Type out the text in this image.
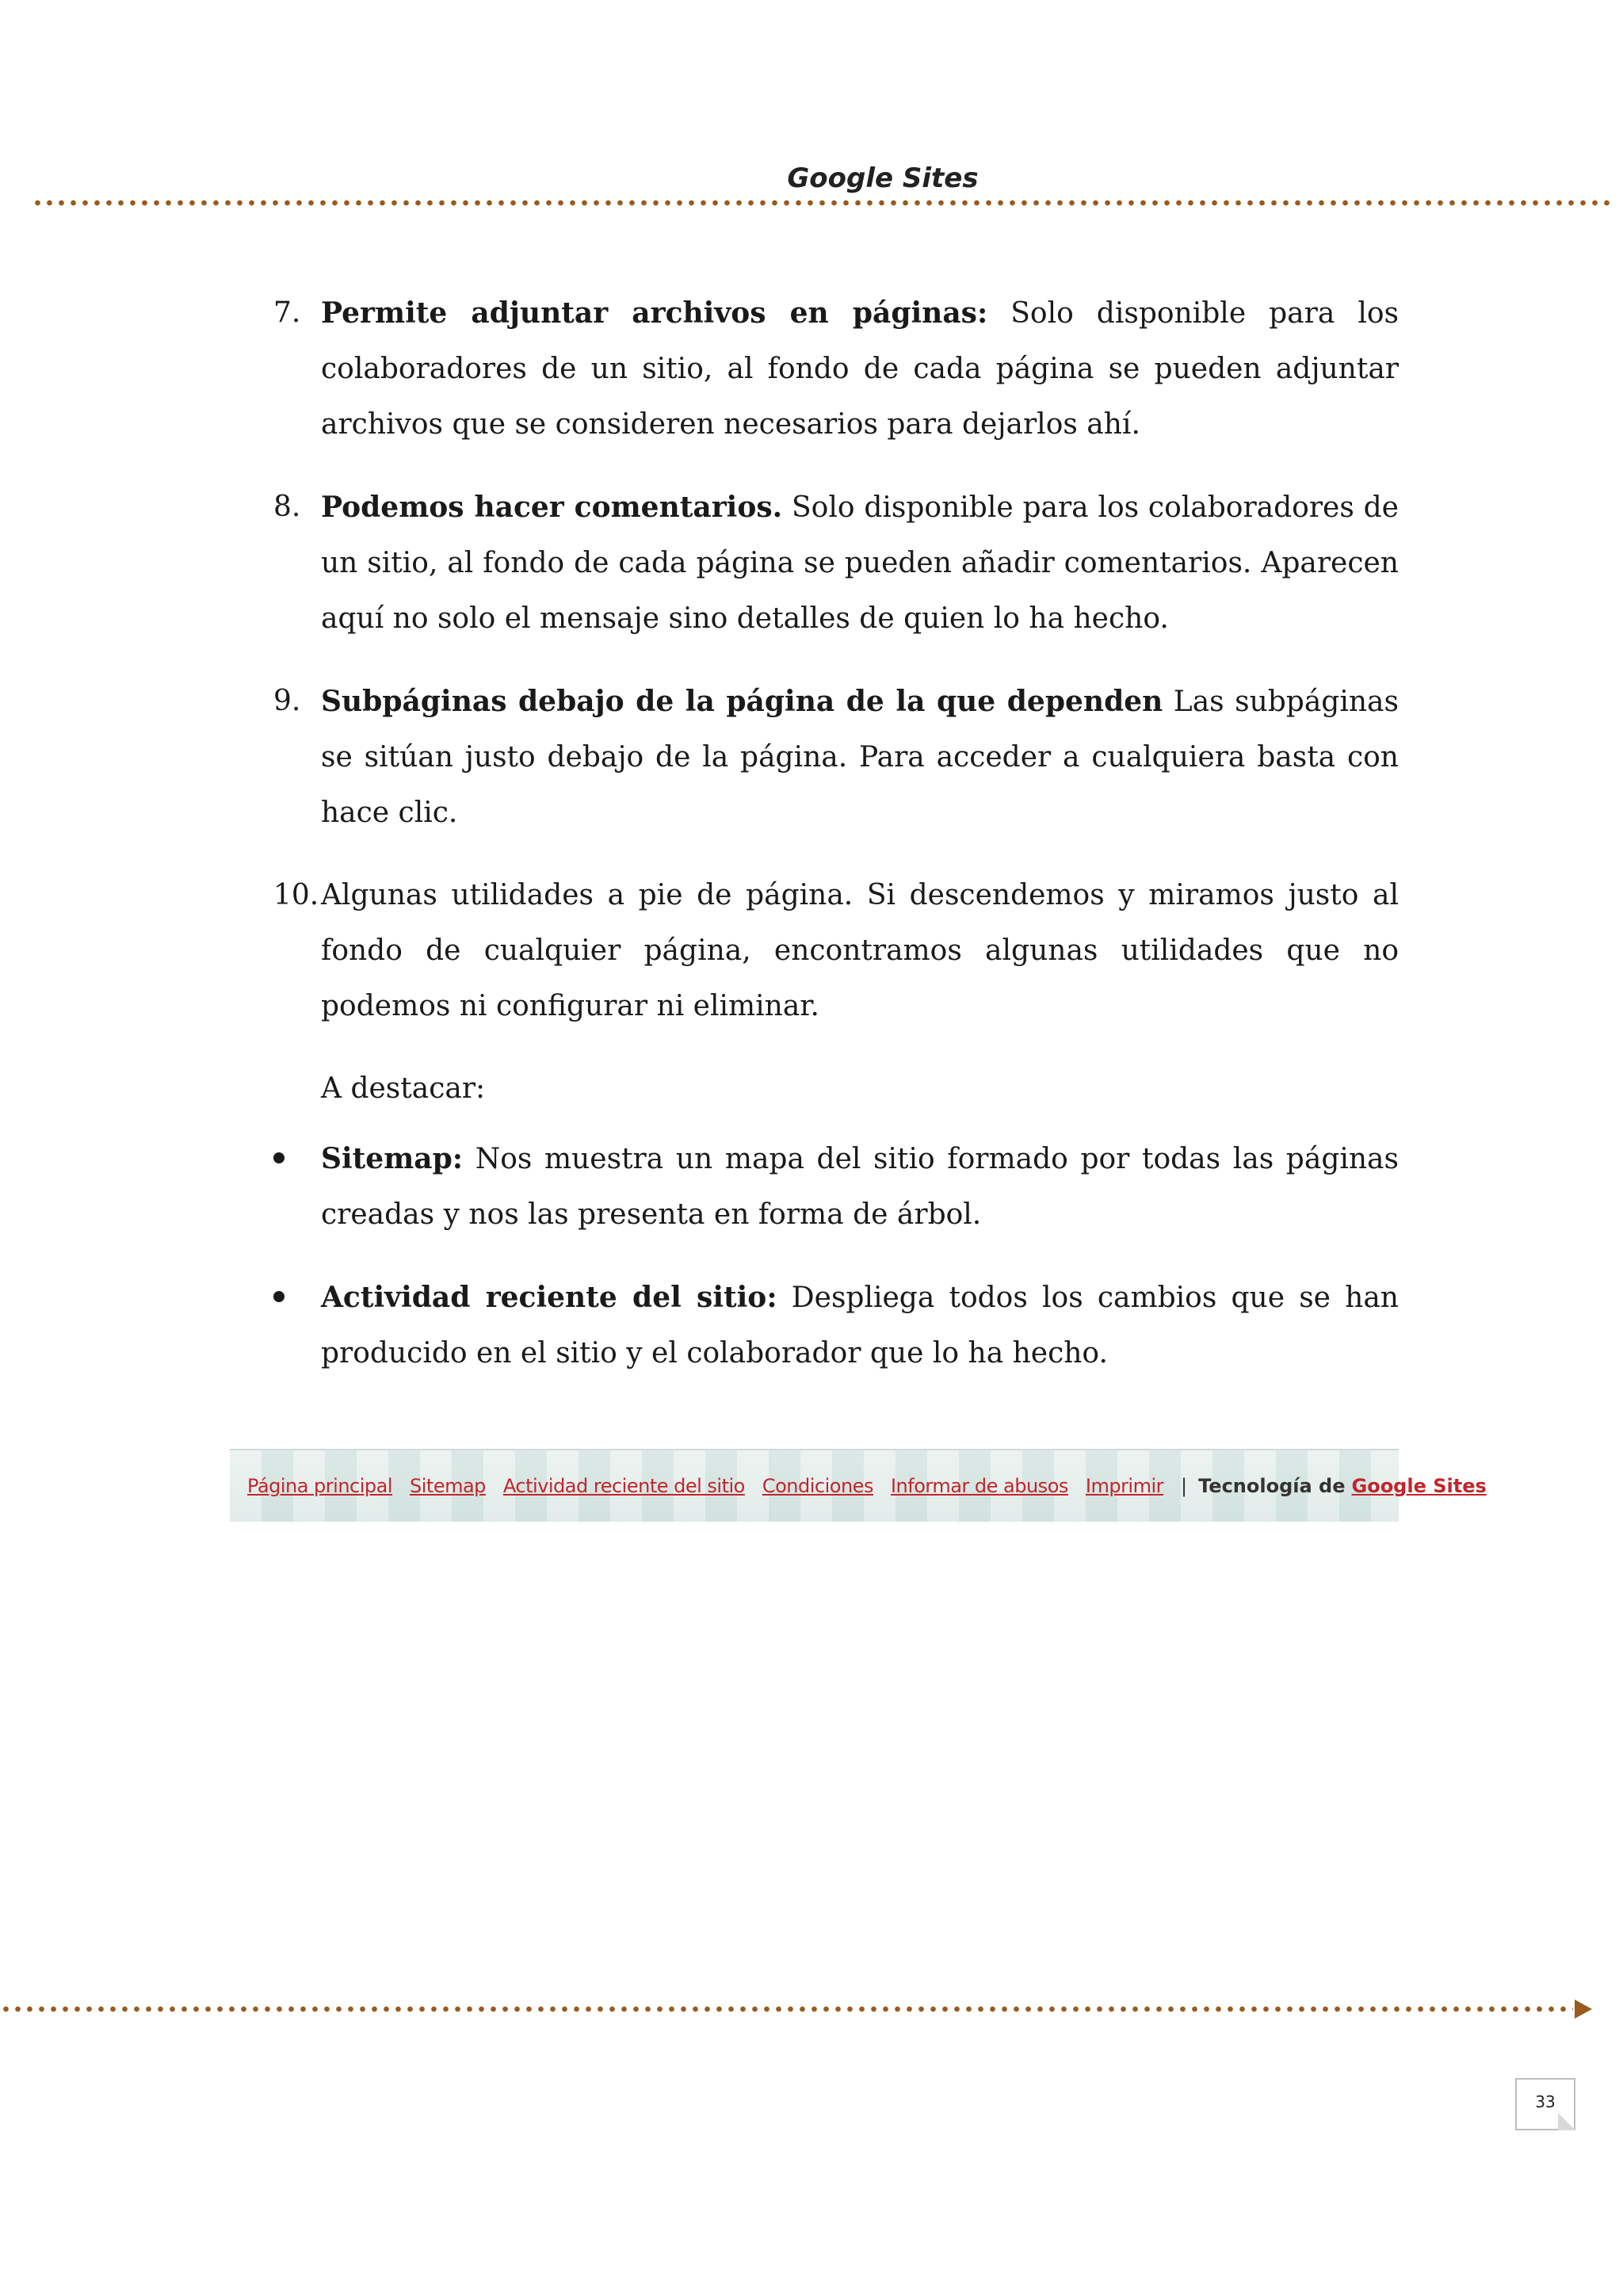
Google Sites
7. Permite adjuntar archivos en páginas: Solo disponible para los colaboradores de un sitio, al fondo de cada página se pueden adjuntar archivos que se consideren necesarios para dejarlos ahí.
8. Podemos hacer comentarios. Solo disponible para los colaboradores de un sitio, al fondo de cada página se pueden añadir comentarios. Aparecen aquí no solo el mensaje sino detalles de quien lo ha hecho.
9. Subpáginas debajo de la página de la que dependen Las subpáginas se sitúan justo debajo de la página. Para acceder a cualquiera basta con hace clic.
10. Algunas utilidades a pie de página. Si descendemos y miramos justo al fondo de cualquier página, encontramos algunas utilidades que no podemos ni configurar ni eliminar.
A destacar:
Sitemap: Nos muestra un mapa del sitio formado por todas las páginas creadas y nos las presenta en forma de árbol.
Actividad reciente del sitio: Despliega todos los cambios que se han producido en el sitio y el colaborador que lo ha hecho.
Página principal Sitemap Actividad reciente del sitio Condiciones Informar de abusos Imprimir | Tecnología de Google Sites
33
